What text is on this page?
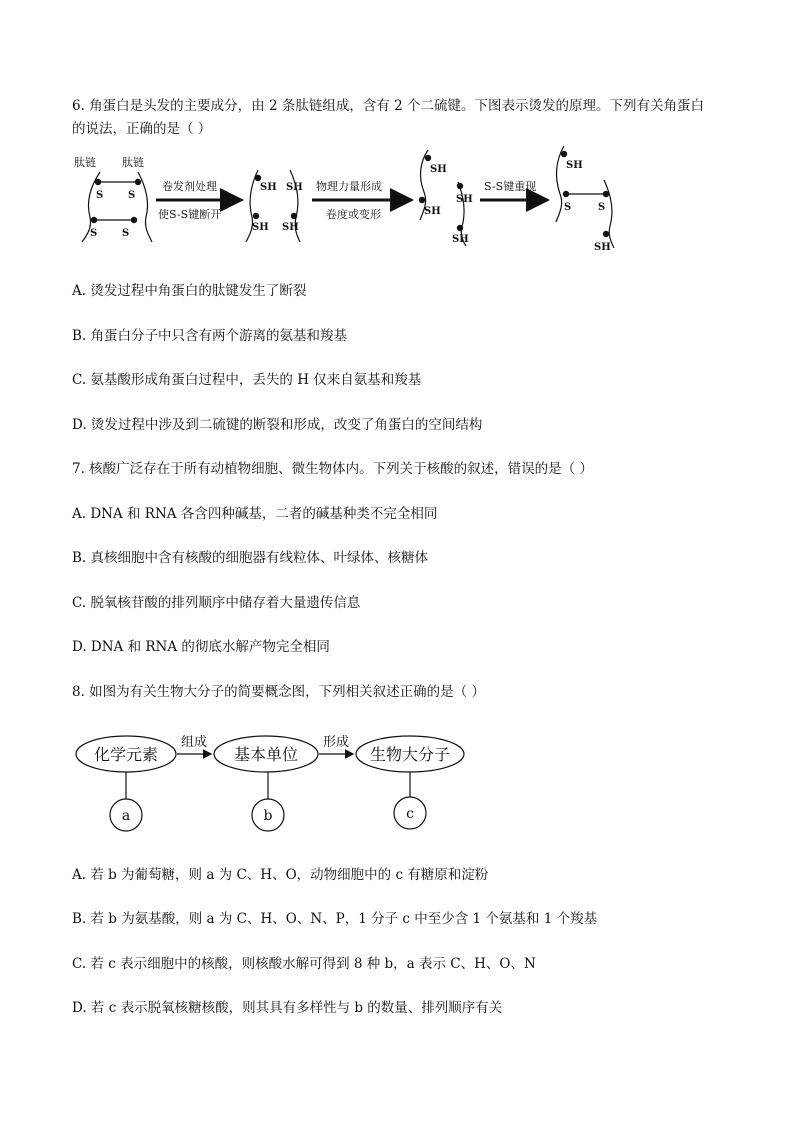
6. 角蛋白是头发的主要成分，由 2 条肽链组成，含有 2 个二硫键。下图表示烫发的原理。下列有关角蛋白
的说法，正确的是（ ）
肽链 肽链
S S
S S
卷发剂处理
使S-S键断开
SH SH
SH SH
物理力量形成
卷度或变形
SH
SH
SH
SH
S-S键重现
SH
S	S
SH
A. 烫发过程中角蛋白的肽键发生了断裂
B. 角蛋白分子中只含有两个游离的氨基和羧基
C. 氨基酸形成角蛋白过程中，丢失的 H 仅来自氨基和羧基
D. 烫发过程中涉及到二硫键的断裂和形成，改变了角蛋白的空间结构
7. 核酸广泛存在于所有动植物细胞、微生物体内。下列关于核酸的叙述，错误的是（ ）
A. DNA 和 RNA 各含四种碱基，二者的碱基种类不完全相同
B. 真核细胞中含有核酸的细胞器有线粒体、叶绿体、核糖体
C. 脱氧核苷酸的排列顺序中储存着大量遗传信息
D. DNA 和 RNA 的彻底水解产物完全相同
8. 如图为有关生物大分子的简要概念图，下列相关叙述正确的是（ ）
化学元素
组成
基本单位
形成
生物大分子
a	b	c
A. 若 b 为葡萄糖，则 a 为 C、H、O，动物细胞中的 c 有糖原和淀粉
B. 若 b 为氨基酸，则 a 为 C、H、O、N、P，1 分子 c 中至少含 1 个氨基和 1 个羧基
C. 若 c 表示细胞中的核酸，则核酸水解可得到 8 种 b，a 表示 C、H、O、N
D. 若 c 表示脱氧核糖核酸，则其具有多样性与 b 的数量、排列顺序有关
